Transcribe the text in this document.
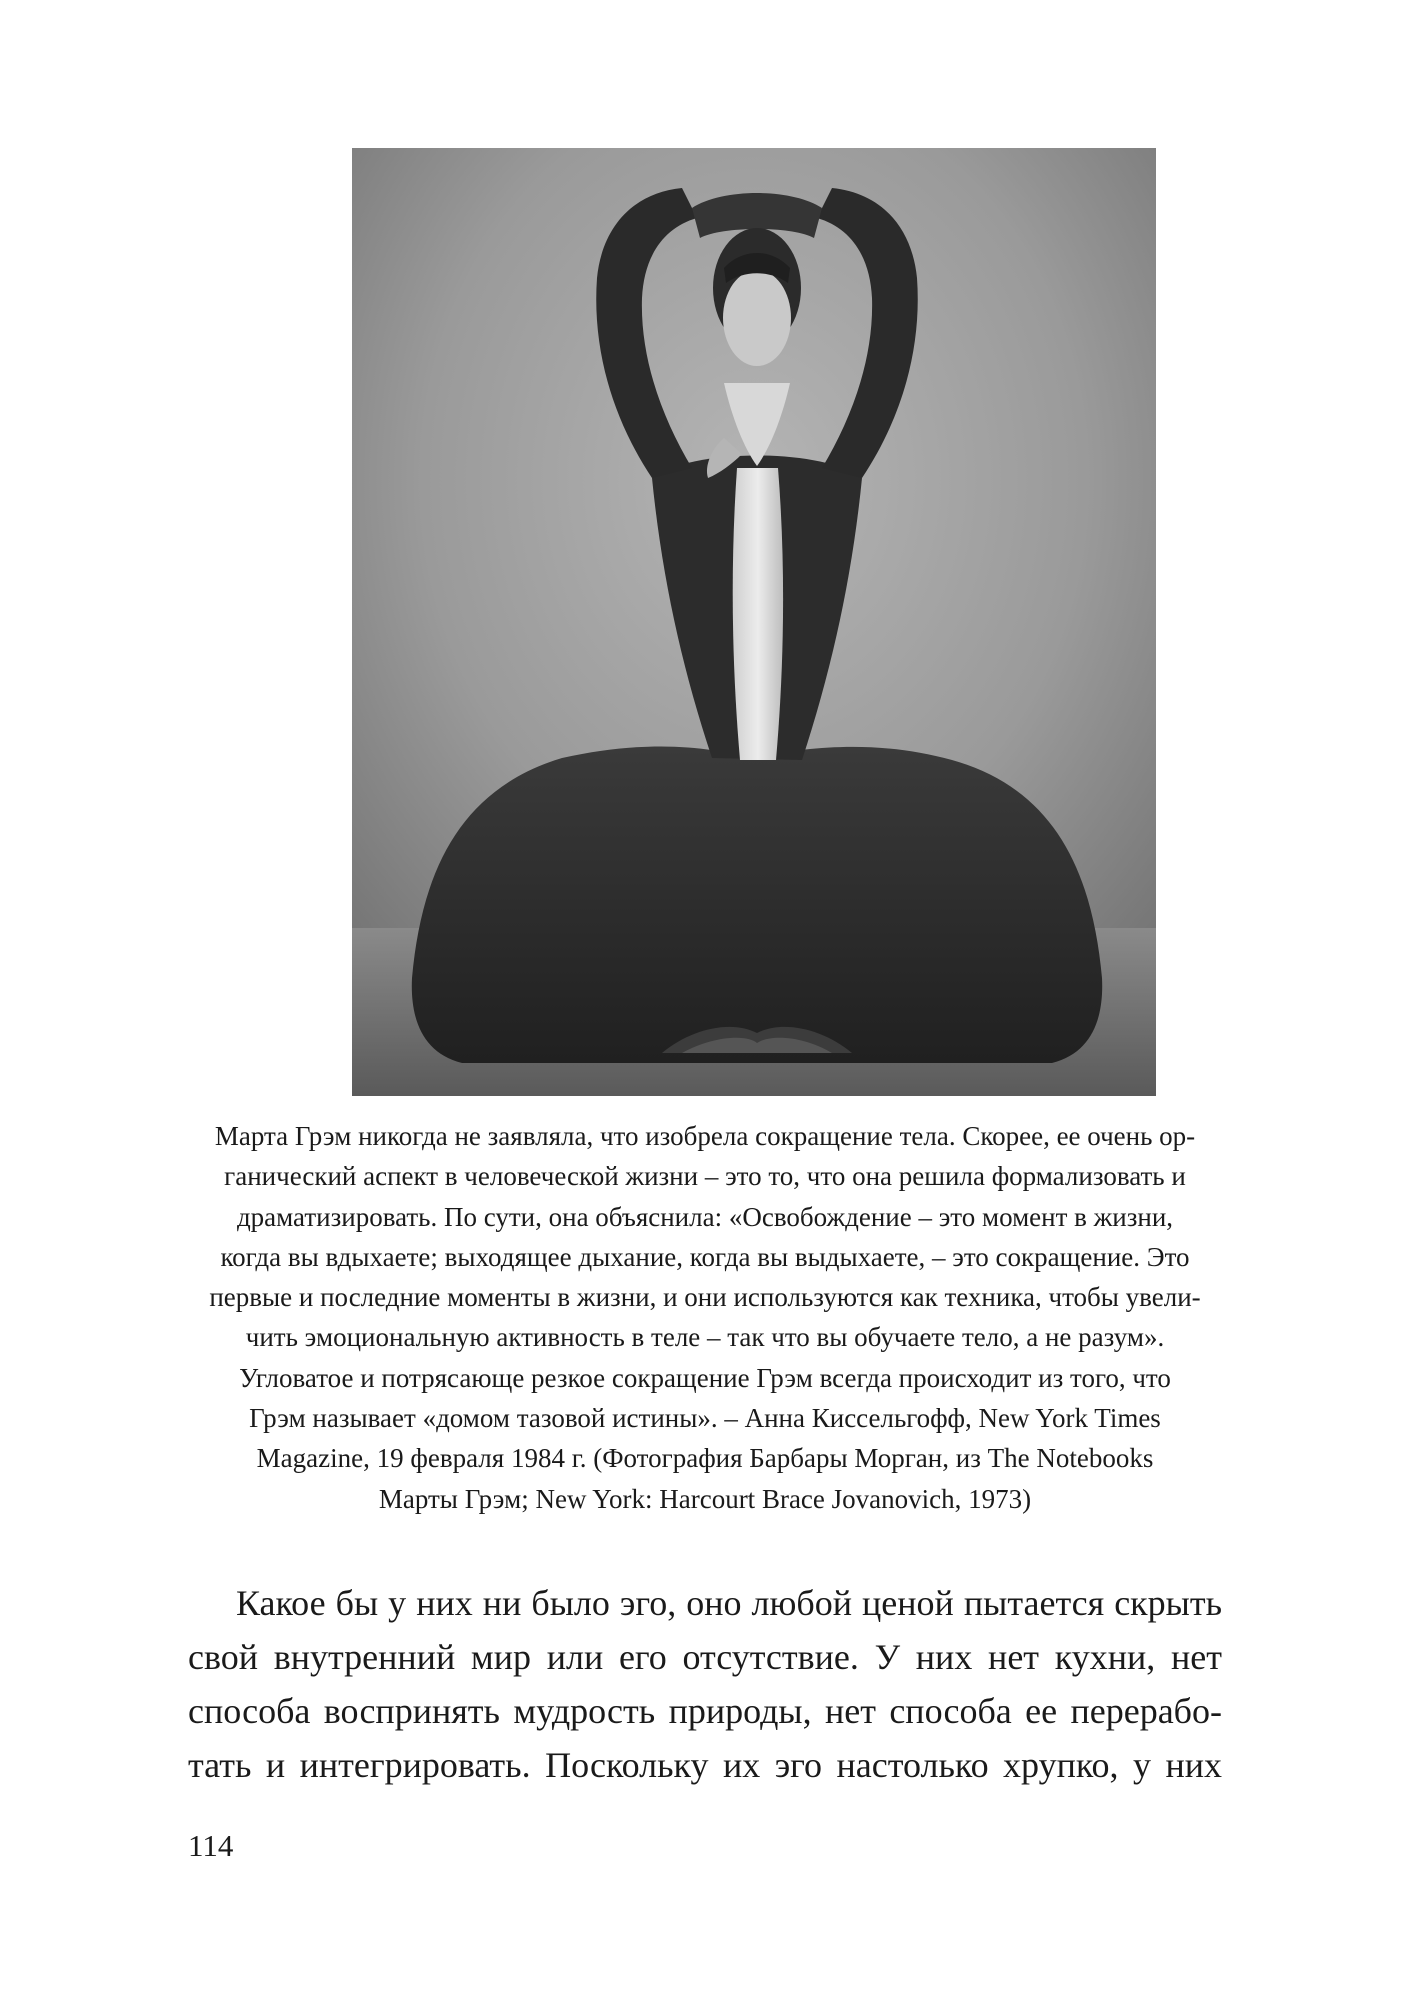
Марта Грэм никогда не заявляла, что изобрела сокращение тела. Скорее, ее очень ор-
ганический аспект в человеческой жизни – это то, что она решила формализовать и
драматизировать. По сути, она объяснила: «Освобождение – это момент в жизни,
когда вы вдыхаете; выходящее дыхание, когда вы выдыхаете, – это сокращение. Это
первые и последние моменты в жизни, и они используются как техника, чтобы увели-
чить эмоциональную активность в теле – так что вы обучаете тело, а не разум».
Угловатое и потрясающе резкое сокращение Грэм всегда происходит из того, что
Грэм называет «домом тазовой истины». – Анна Киссельгофф, New York Times
Magazine, 19 февраля 1984 г. (Фотография Барбары Морган, из The Notebooks
Марты Грэм; New York: Harcourt Brace Jovanovich, 1973)

Какое бы у них ни было эго, оно любой ценой пытается скрыть
свой внутренний мир или его отсутствие. У них нет кухни, нет
способа воспринять мудрость природы, нет способа ее перерабо-
тать и интегрировать. Поскольку их эго настолько хрупко, у них

114
